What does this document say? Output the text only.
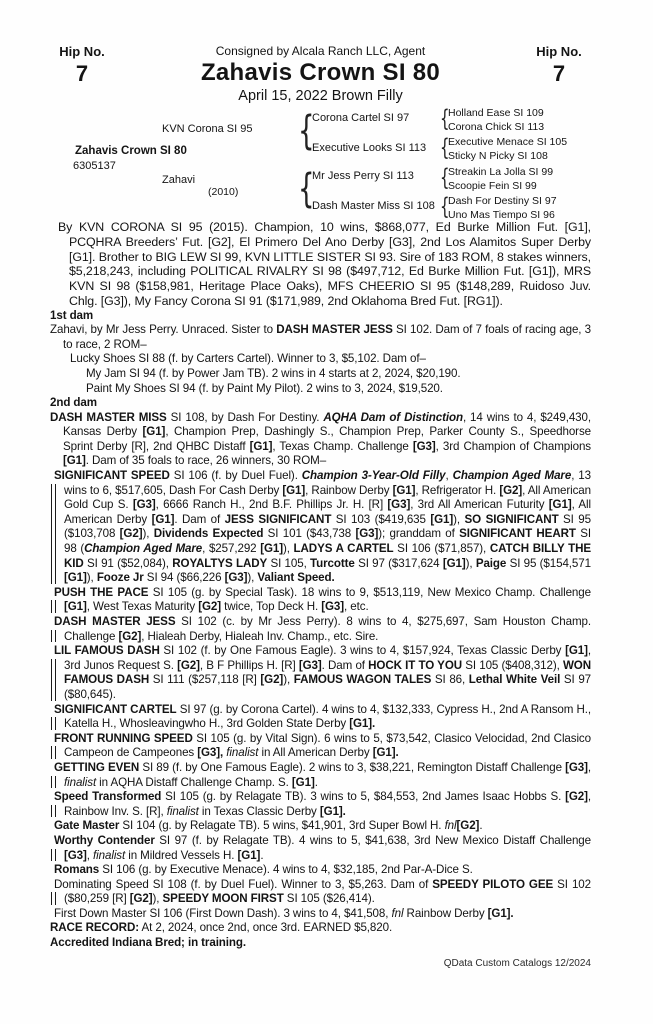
Hip No.
7
Consigned by Alcala Ranch LLC, Agent
Zahavis Crown SI 80
April 15, 2022 Brown Filly
Hip No.
7
Zahavis Crown SI 80
6305137
KVN Corona SI 95
Zahavi
(2010)
{
{
Corona Cartel SI 97
Executive Looks SI 113
Mr Jess Perry SI 113
Dash Master Miss SI 108
{
{
{
{
Holland Ease SI 109
Corona Chick SI 113
Executive Menace SI 105
Sticky N Picky SI 108
Streakin La Jolla SI 99
Scoopie Fein SI 99
Dash For Destiny SI 97
Uno Mas Tiempo SI 96
By KVN CORONA SI 95 (2015). Champion, 10 wins, $868,077, Ed Burke Million Fut. [G1], PCQHRA Breeders’ Fut. [G2], El Primero Del Ano Derby [G3], 2nd Los Alamitos Super Derby [G1]. Brother to BIG LEW SI 99, KVN LITTLE SISTER SI 93. Sire of 183 ROM, 8 stakes winners, $5,218,243, including POLITICAL RIVALRY SI 98 ($497,712, Ed Burke Million Fut. [G1]), MRS KVN SI 98 ($158,981, Heritage Place Oaks), MFS CHEERIO SI 95 ($148,289, Ruidoso Juv. Chlg. [G3]), My Fancy Corona SI 91 ($171,989, 2nd Oklahoma Bred Fut. [RG1]).
1st dam
Zahavi, by Mr Jess Perry. Unraced. Sister to DASH MASTER JESS SI 102. Dam of 7 foals of racing age, 3 to race, 2 ROM–
Lucky Shoes SI 88 (f. by Carters Cartel). Winner to 3, $5,102. Dam of–
My Jam SI 94 (f. by Power Jam TB). 2 wins in 4 starts at 2, 2024, $20,190.
Paint My Shoes SI 94 (f. by Paint My Pilot). 2 wins to 3, 2024, $19,520.
2nd dam
DASH MASTER MISS SI 108, by Dash For Destiny. AQHA Dam of Distinction, 14 wins to 4, $249,430, Kansas Derby [G1], Champion Prep, Dashingly S., Champion Prep, Parker County S., Speedhorse Sprint Derby [R], 2nd QHBC Distaff [G1], Texas Champ. Challenge [G3], 3rd Champion of Champions [G1]. Dam of 35 foals to race, 26 winners, 30 ROM–
SIGNIFICANT SPEED SI 106 (f. by Duel Fuel). Champion 3-Year-Old Filly, Champion Aged Mare, 13 wins to 6, $517,605, Dash For Cash Derby [G1], Rainbow Derby [G1], Refrigerator H. [G2], All American Gold Cup S. [G3], 6666 Ranch H., 2nd B.F. Phillips Jr. H. [R] [G3], 3rd All American Futurity [G1], All American Derby [G1]. Dam of JESS SIGNIFICANT SI 103 ($419,635 [G1]), SO SIGNIFICANT SI 95 ($103,708 [G2]), Dividends Expected SI 101 ($43,738 [G3]); granddam of SIGNIFICANT HEART SI 98 (Champion Aged Mare, $257,292 [G1]), LADYS A CARTEL SI 106 ($71,857), CATCH BILLY THE KID SI 91 ($52,084), ROYALTYS LADY SI 105, Turcotte SI 97 ($317,624 [G1]), Paige SI 95 ($154,571 [G1]), Fooze Jr SI 94 ($66,226 [G3]), Valiant Speed.
PUSH THE PACE SI 105 (g. by Special Task). 18 wins to 9, $513,119, New Mexico Champ. Challenge [G1], West Texas Maturity [G2] twice, Top Deck H. [G3], etc.
DASH MASTER JESS SI 102 (c. by Mr Jess Perry). 8 wins to 4, $275,697, Sam Houston Champ. Challenge [G2], Hialeah Derby, Hialeah Inv. Champ., etc. Sire.
LIL FAMOUS DASH SI 102 (f. by One Famous Eagle). 3 wins to 4, $157,924, Texas Classic Derby [G1], 3rd Junos Request S. [G2], B F Phillips H. [R] [G3]. Dam of HOCK IT TO YOU SI 105 ($408,312), WON FAMOUS DASH SI 111 ($257,118 [R] [G2]), FAMOUS WAGON TALES SI 86, Lethal White Veil SI 97 ($80,645).
SIGNIFICANT CARTEL SI 97 (g. by Corona Cartel). 4 wins to 4, $132,333, Cypress H., 2nd A Ransom H., Katella H., Whosleavingwho H., 3rd Golden State Derby [G1].
FRONT RUNNING SPEED SI 105 (g. by Vital Sign). 6 wins to 5, $73,542, Clasico Velocidad, 2nd Clasico Campeon de Campeones [G3], finalist in All American Derby [G1].
GETTING EVEN SI 89 (f. by One Famous Eagle). 2 wins to 3, $38,221, Remington Distaff Challenge [G3], finalist in AQHA Distaff Challenge Champ. S. [G1].
Speed Transformed SI 105 (g. by Relagate TB). 3 wins to 5, $84,553, 2nd James Isaac Hobbs S. [G2], Rainbow Inv. S. [R], finalist in Texas Classic Derby [G1].
Gate Master SI 104 (g. by Relagate TB). 5 wins, $41,901, 3rd Super Bowl H. fnl[G2].
Worthy Contender SI 97 (f. by Relagate TB). 4 wins to 5, $41,638, 3rd New Mexico Distaff Challenge [G3], finalist in Mildred Vessels H. [G1].
Romans SI 106 (g. by Executive Menace). 4 wins to 4, $32,185, 2nd Par-A-Dice S.
Dominating Speed SI 108 (f. by Duel Fuel). Winner to 3, $5,263. Dam of SPEEDY PILOTO GEE SI 102 ($80,259 [R] [G2]), SPEEDY MOON FIRST SI 105 ($26,414).
First Down Master SI 106 (First Down Dash). 3 wins to 4, $41,508, fnl Rainbow Derby [G1].
RACE RECORD: At 2, 2024, once 2nd, once 3rd. EARNED $5,820.
Accredited Indiana Bred; in training.
QData Custom Catalogs 12/2024
